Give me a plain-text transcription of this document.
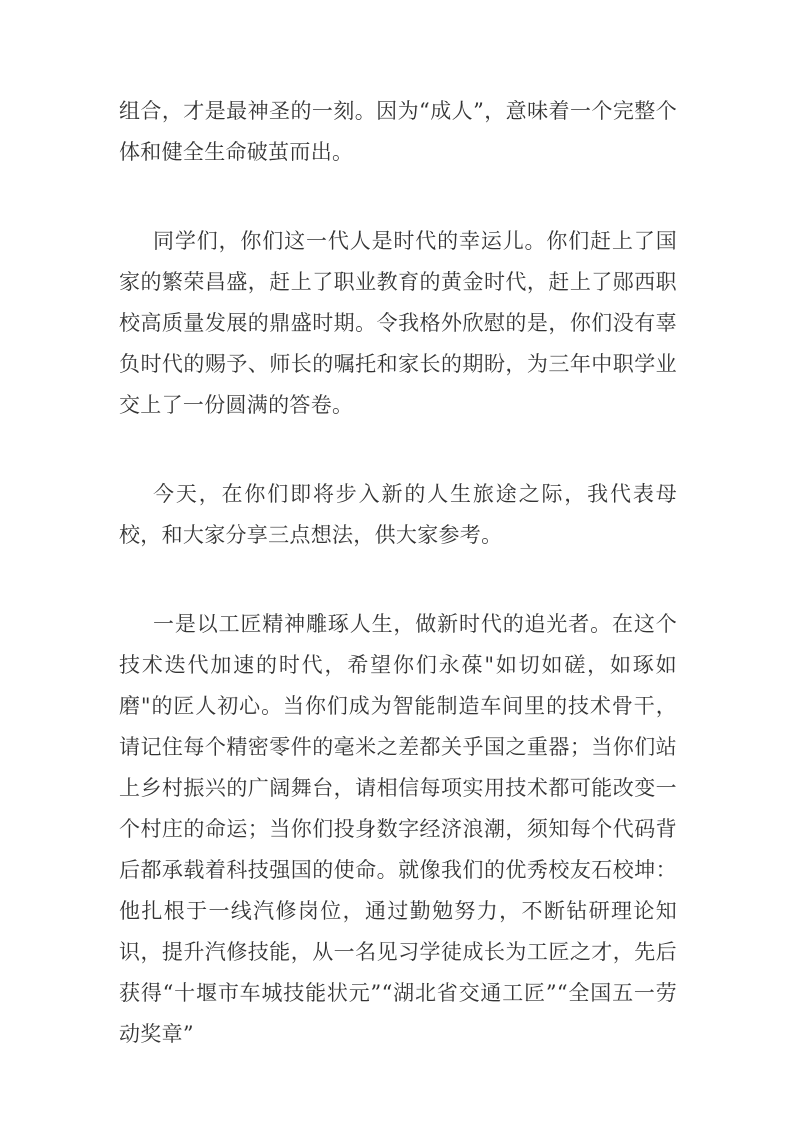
组合，才是最神圣的一刻。因为“成人”，意味着一个完整个体和健全生命破茧而出。

同学们，你们这一代人是时代的幸运儿。你们赶上了国家的繁荣昌盛，赶上了职业教育的黄金时代，赶上了郧西职校高质量发展的鼎盛时期。令我格外欣慰的是，你们没有辜负时代的赐予、师长的嘱托和家长的期盼，为三年中职学业交上了一份圆满的答卷。

今天，在你们即将步入新的人生旅途之际，我代表母校，和大家分享三点想法，供大家参考。

一是以工匠精神雕琢人生，做新时代的追光者。在这个技术迭代加速的时代，希望你们永葆"如切如磋，如琢如磨"的匠人初心。当你们成为智能制造车间里的技术骨干，请记住每个精密零件的毫米之差都关乎国之重器；当你们站上乡村振兴的广阔舞台，请相信每项实用技术都可能改变一个村庄的命运；当你们投身数字经济浪潮，须知每个代码背后都承载着科技强国的使命。就像我们的优秀校友石校坤：他扎根于一线汽修岗位，通过勤勉努力，不断钻研理论知识，提升汽修技能，从一名见习学徒成长为工匠之才，先后获得“十堰市车城技能状元”“湖北省交通工匠”“全国五一劳动奖章”
